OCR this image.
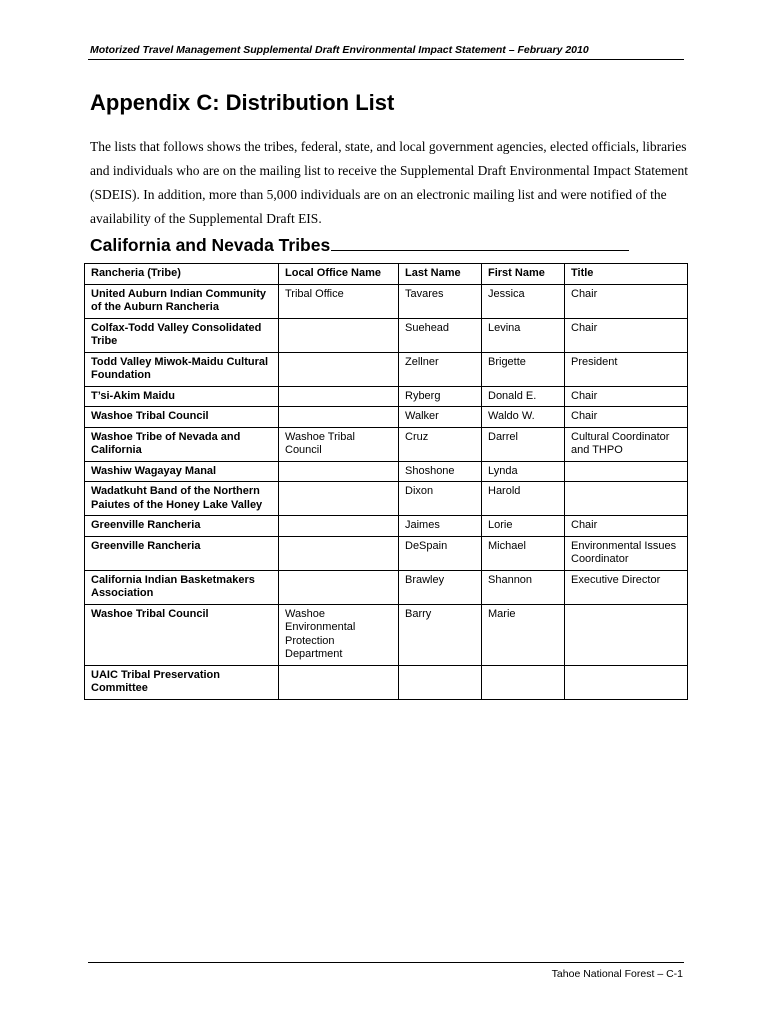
Motorized Travel Management Supplemental Draft Environmental Impact Statement – February 2010
Appendix C: Distribution List

The lists that follows shows the tribes, federal, state, and local government agencies, elected officials, libraries and individuals who are on the mailing list to receive the Supplemental Draft Environmental Impact Statement (SDEIS). In addition, more than 5,000 individuals are on an electronic mailing list and were notified of the availability of the Supplemental Draft EIS.

California and Nevada Tribes
Rancheria (Tribe)	Local Office Name	Last Name	First Name	Title
United Auburn Indian Community of the Auburn Rancheria	Tribal Office	Tavares	Jessica	Chair
Colfax-Todd Valley Consolidated Tribe		Suehead	Levina	Chair
Todd Valley Miwok-Maidu Cultural Foundation		Zellner	Brigette	President
T’si-Akim Maidu		Ryberg	Donald E.	Chair
Washoe Tribal Council		Walker	Waldo W.	Chair
Washoe Tribe of Nevada and California	Washoe Tribal Council	Cruz	Darrel	Cultural Coordinator and THPO
Washiw Wagayay Manal		Shoshone	Lynda	
Wadatkuht Band of the Northern Paiutes of the Honey Lake Valley		Dixon	Harold	
Greenville Rancheria		Jaimes	Lorie	Chair
Greenville Rancheria		DeSpain	Michael	Environmental Issues Coordinator
California Indian Basketmakers Association		Brawley	Shannon	Executive Director
Washoe Tribal Council	Washoe Environmental Protection Department	Barry	Marie	
UAIC Tribal Preservation Committee				
Tahoe National Forest – C-1
